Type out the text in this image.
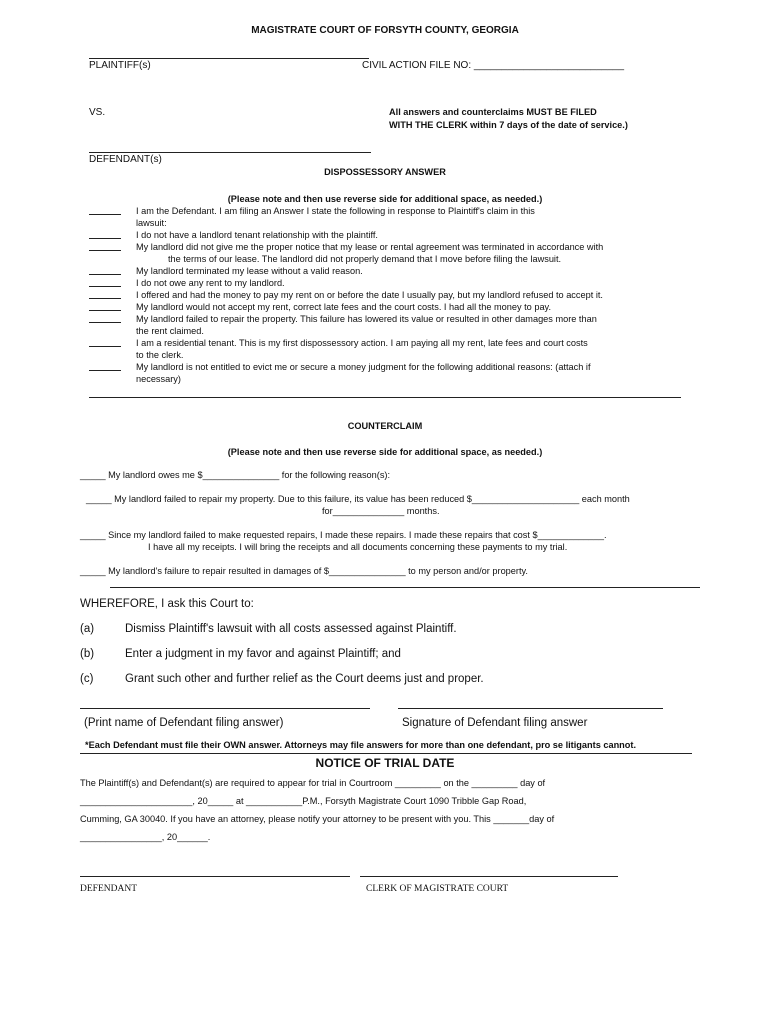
MAGISTRATE COURT OF FORSYTH COUNTY, GEORGIA
PLAINTIFF(s)	CIVIL ACTION FILE NO: ___________________________
VS.	All answers and counterclaims MUST BE FILED
WITH THE CLERK within 7 days of the date of service.)
DEFENDANT(s)
DISPOSSESSORY ANSWER
(Please note and then use reverse side for additional space, as needed.)
I am the Defendant. I am filing an Answer I state the following in response to Plaintiff's claim in this
lawsuit:
I do not have a landlord tenant relationship with the plaintiff.
My landlord did not give me the proper notice that my lease or rental agreement was terminated in accordance with
the terms of our lease. The landlord did not properly demand that I move before filing the lawsuit.
My landlord terminated my lease without a valid reason.
I do not owe any rent to my landlord.
I offered and had the money to pay my rent on or before the date I usually pay, but my landlord refused to accept it.
My landlord would not accept my rent, correct late fees and the court costs. I had all the money to pay.
My landlord failed to repair the property. This failure has lowered its value or resulted in other damages more than
the rent claimed.
I am a residential tenant. This is my first dispossessory action. I am paying all my rent, late fees and court costs
to the clerk.
My landlord is not entitled to evict me or secure a money judgment for the following additional reasons: (attach if
necessary)
COUNTERCLAIM
(Please note and then use reverse side for additional space, as needed.)
_____ My landlord owes me $_______________ for the following reason(s):
_____ My landlord failed to repair my property. Due to this failure, its value has been reduced $_____________________ each month
for______________ months.
_____ Since my landlord failed to make requested repairs, I made these repairs. I made these repairs that cost $_____________.
I have all my receipts. I will bring the receipts and all documents concerning these payments to my trial.
_____ My landlord's failure to repair resulted in damages of $_______________ to my person and/or property.
WHEREFORE, I ask this Court to:
(a)	Dismiss Plaintiff's lawsuit with all costs assessed against Plaintiff.
(b)	Enter a judgment in my favor and against Plaintiff; and
(c)	Grant such other and further relief as the Court deems just and proper.
(Print name of Defendant filing answer)	Signature of Defendant filing answer
*Each Defendant must file their OWN answer. Attorneys may file answers for more than one defendant, pro se litigants cannot.
NOTICE OF TRIAL DATE
The Plaintiff(s) and Defendant(s) are required to appear for trial in Courtroom _________ on the _________ day of
______________________, 20_____ at ___________P.M., Forsyth Magistrate Court 1090 Tribble Gap Road,
Cumming, GA 30040. If you have an attorney, please notify your attorney to be present with you. This _______day of
________________, 20______.
DEFENDANT	CLERK OF MAGISTRATE COURT
